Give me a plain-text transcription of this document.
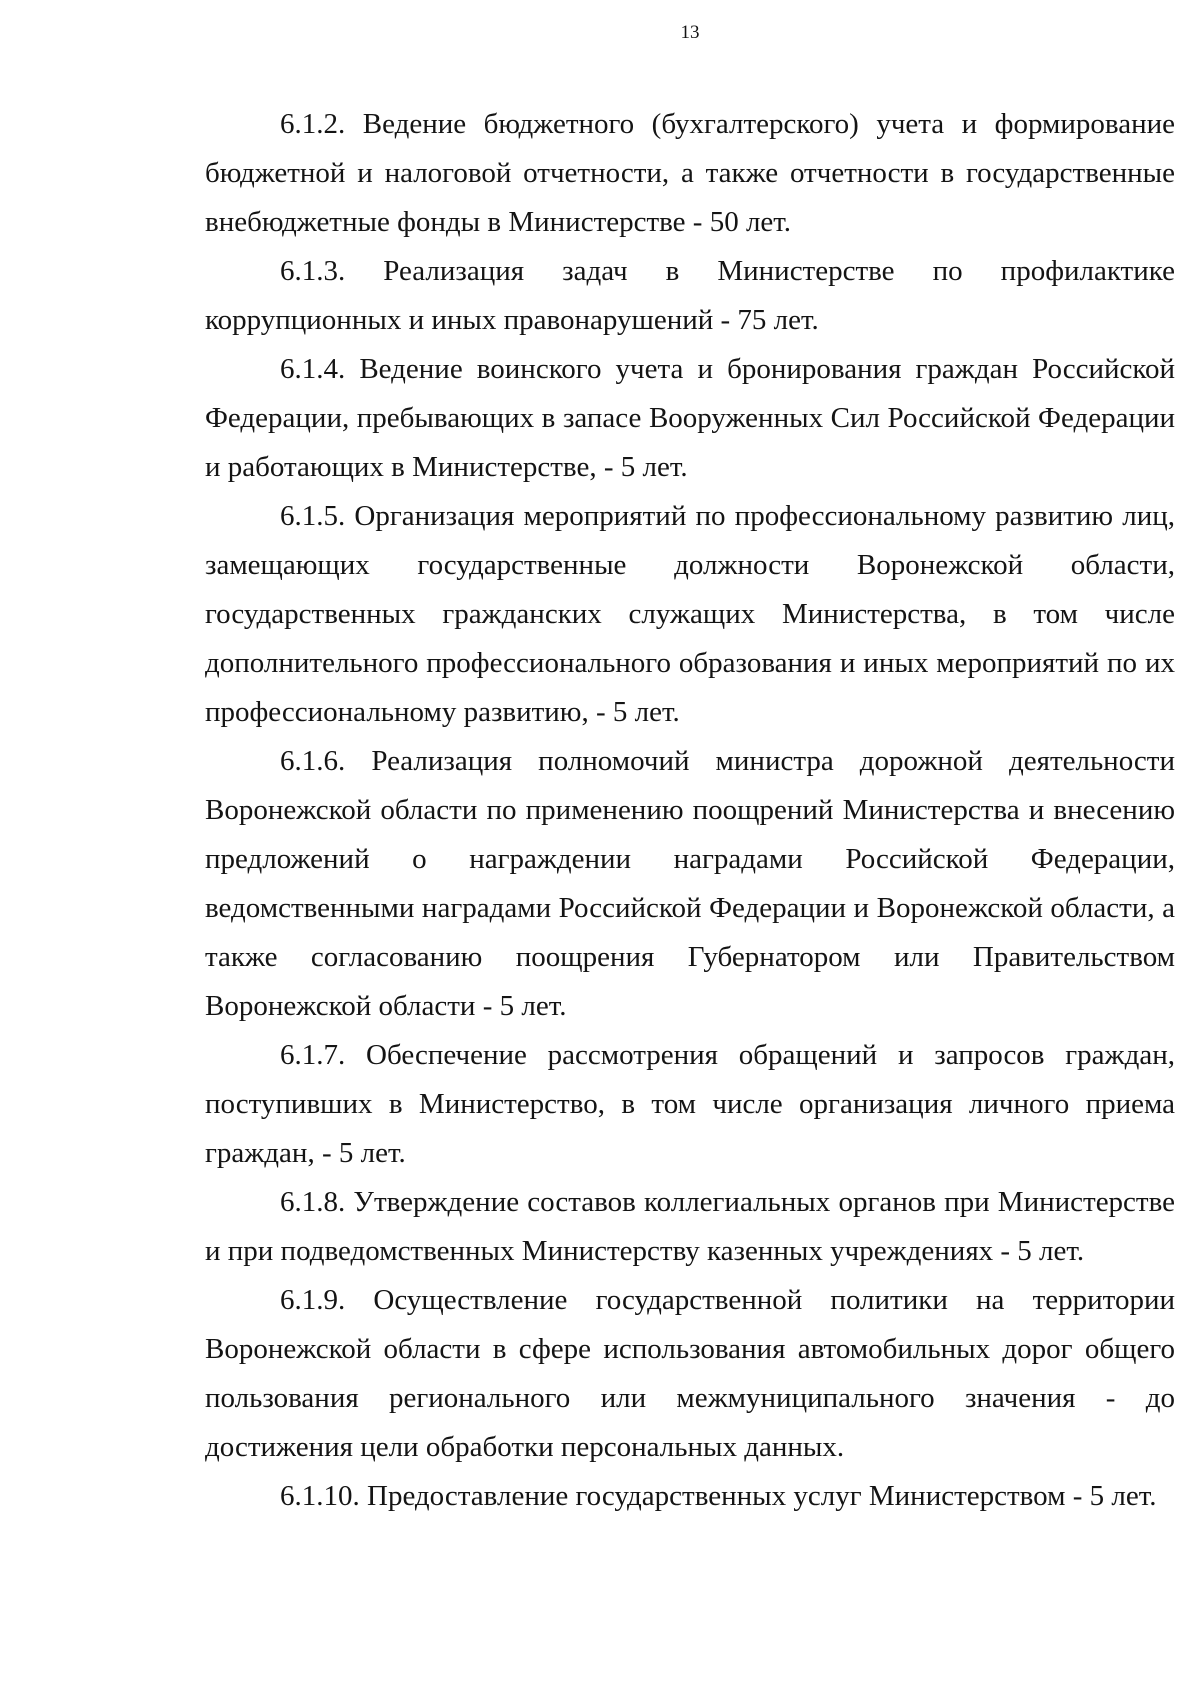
13

6.1.2. Ведение бюджетного (бухгалтерского) учета и формирование бюджетной и налоговой отчетности, а также отчетности в государственные внебюджетные фонды в Министерстве - 50 лет.

6.1.3. Реализация задач в Министерстве по профилактике коррупционных и иных правонарушений - 75 лет.

6.1.4. Ведение воинского учета и бронирования граждан Российской Федерации, пребывающих в запасе Вооруженных Сил Российской Федерации и работающих в Министерстве, - 5 лет.

6.1.5. Организация мероприятий по профессиональному развитию лиц, замещающих государственные должности Воронежской области, государственных гражданских служащих Министерства, в том числе дополнительного профессионального образования и иных мероприятий по их профессиональному развитию, - 5 лет.

6.1.6. Реализация полномочий министра дорожной деятельности Воронежской области по применению поощрений Министерства и внесению предложений о награждении наградами Российской Федерации, ведомственными наградами Российской Федерации и Воронежской области, а также согласованию поощрения Губернатором или Правительством Воронежской области - 5 лет.

6.1.7. Обеспечение рассмотрения обращений и запросов граждан, поступивших в Министерство, в том числе организация личного приема граждан, - 5 лет.

6.1.8. Утверждение составов коллегиальных органов при Министерстве и при подведомственных Министерству казенных учреждениях - 5 лет.

6.1.9. Осуществление государственной политики на территории Воронежской области в сфере использования автомобильных дорог общего пользования регионального или межмуниципального значения - до достижения цели обработки персональных данных.

6.1.10. Предоставление государственных услуг Министерством - 5 лет.
